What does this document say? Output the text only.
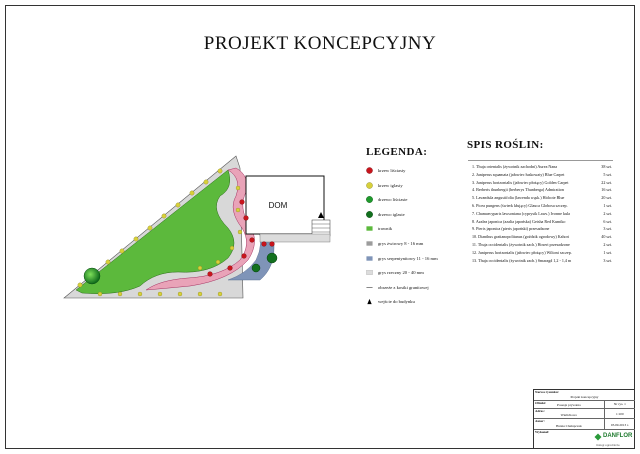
PROJEKT KONCEPCYJNY
DOM
LEGENDA:
krzew liściasty
krzew iglasty
drzewo liściaste
drzewo iglaste
trawnik
grys żwirowy 8 - 16 mm
grys serpentynitowy 11 - 16 mm
grys rzeczny 20 - 40 mm
obrzeże z kostki granitowej
wejście do budynku
SPIS ROŚLIN:
1. Thuja orientalis (żywotnik zachodni) Aurea Nana	38 szt.
2. Juniperus squamata (jałowiec łuskowaty) Blue Carpet	5 szt.
3. Juniperus horizontalis (jałowiec płożący) Golden Carpet	22 szt.
4. Berberis thunbergii (berberys Thunberga) Admiration	16 szt.
5. Lavandula angustifolia (lawenda wąsk.) Hidcote Blue	20 szt.
6. Picea pungens (świerk kłujący) Glauca Globosa szczep.	1 szt.
7. Chamaecyparis lawsoniana (cyprysik Laws.) Ivonne kula	2 szt.
8. Azalea japonica (azalia japońska) Geisha Red Kumiko	6 szt.
9. Pieris japonica (pieris japoński) przesadzone	3 szt.
10. Dianthus gratianopolitanus (goździk ogrodowy) Kahori	40 szt.
11. Thuja occidentalis (żywotnik zach.) Hoseri przesadzone	2 szt.
12. Juniperus horizontalis (jałowiec płożący) Wiltoni szczep.	1 szt.
13. Thuja occidentalis (żywotnik zach.) Smaragd 1,2 - 1,4 m	3 szt.
Nazwa rysunku:
Projekt koncepcyjny
Obiekt:	Posesja prywatna	Nr rys. 1
Adres:
Wielichowo	1:100
Autor:
Hanna Chałupczak	03.09.2013 r.
Wykonał:
DANFLOR
Usługi ogrodnicze
